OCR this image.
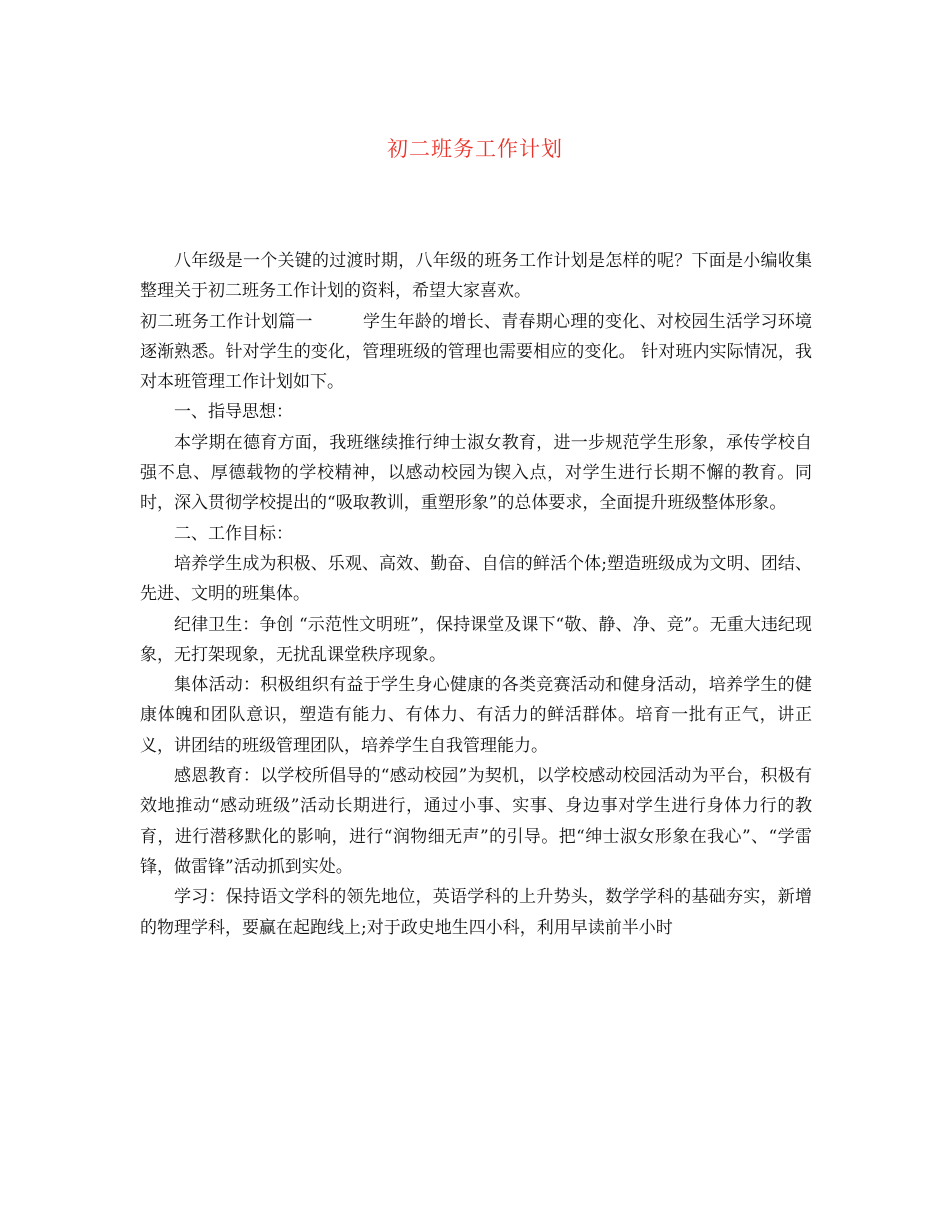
初二班务工作计划

八年级是一个关键的过渡时期，八年级的班务工作计划是怎样的呢？下面是小编收集整理关于初二班务工作计划的资料，希望大家喜欢。

初二班务工作计划篇一	学生年龄的增长、青春期心理的变化、对校园生活学习环境逐渐熟悉。针对学生的变化，管理班级的管理也需要相应的变化。 针对班内实际情况，我对本班管理工作计划如下。

一、指导思想：

本学期在德育方面，我班继续推行绅士淑女教育，进一步规范学生形象，承传学校自强不息、厚德载物的学校精神，以感动校园为锲入点，对学生进行长期不懈的教育。同时，深入贯彻学校提出的“吸取教训，重塑形象”的总体要求，全面提升班级整体形象。

二、工作目标：

培养学生成为积极、乐观、高效、勤奋、自信的鲜活个体;塑造班级成为文明、团结、先进、文明的班集体。

纪律卫生：争创 “示范性文明班”，保持课堂及课下“敬、静、净、竞”。无重大违纪现象，无打架现象，无扰乱课堂秩序现象。

集体活动：积极组织有益于学生身心健康的各类竞赛活动和健身活动，培养学生的健康体魄和团队意识，塑造有能力、有体力、有活力的鲜活群体。培育一批有正气，讲正义，讲团结的班级管理团队，培养学生自我管理能力。

感恩教育：以学校所倡导的“感动校园”为契机，以学校感动校园活动为平台，积极有效地推动“感动班级”活动长期进行，通过小事、实事、身边事对学生进行身体力行的教育，进行潜移默化的影响，进行“润物细无声”的引导。把“绅士淑女形象在我心”、“学雷锋，做雷锋”活动抓到实处。

学习：保持语文学科的领先地位，英语学科的上升势头，数学学科的基础夯实，新增的物理学科，要赢在起跑线上;对于政史地生四小科，利用早读前半小时
